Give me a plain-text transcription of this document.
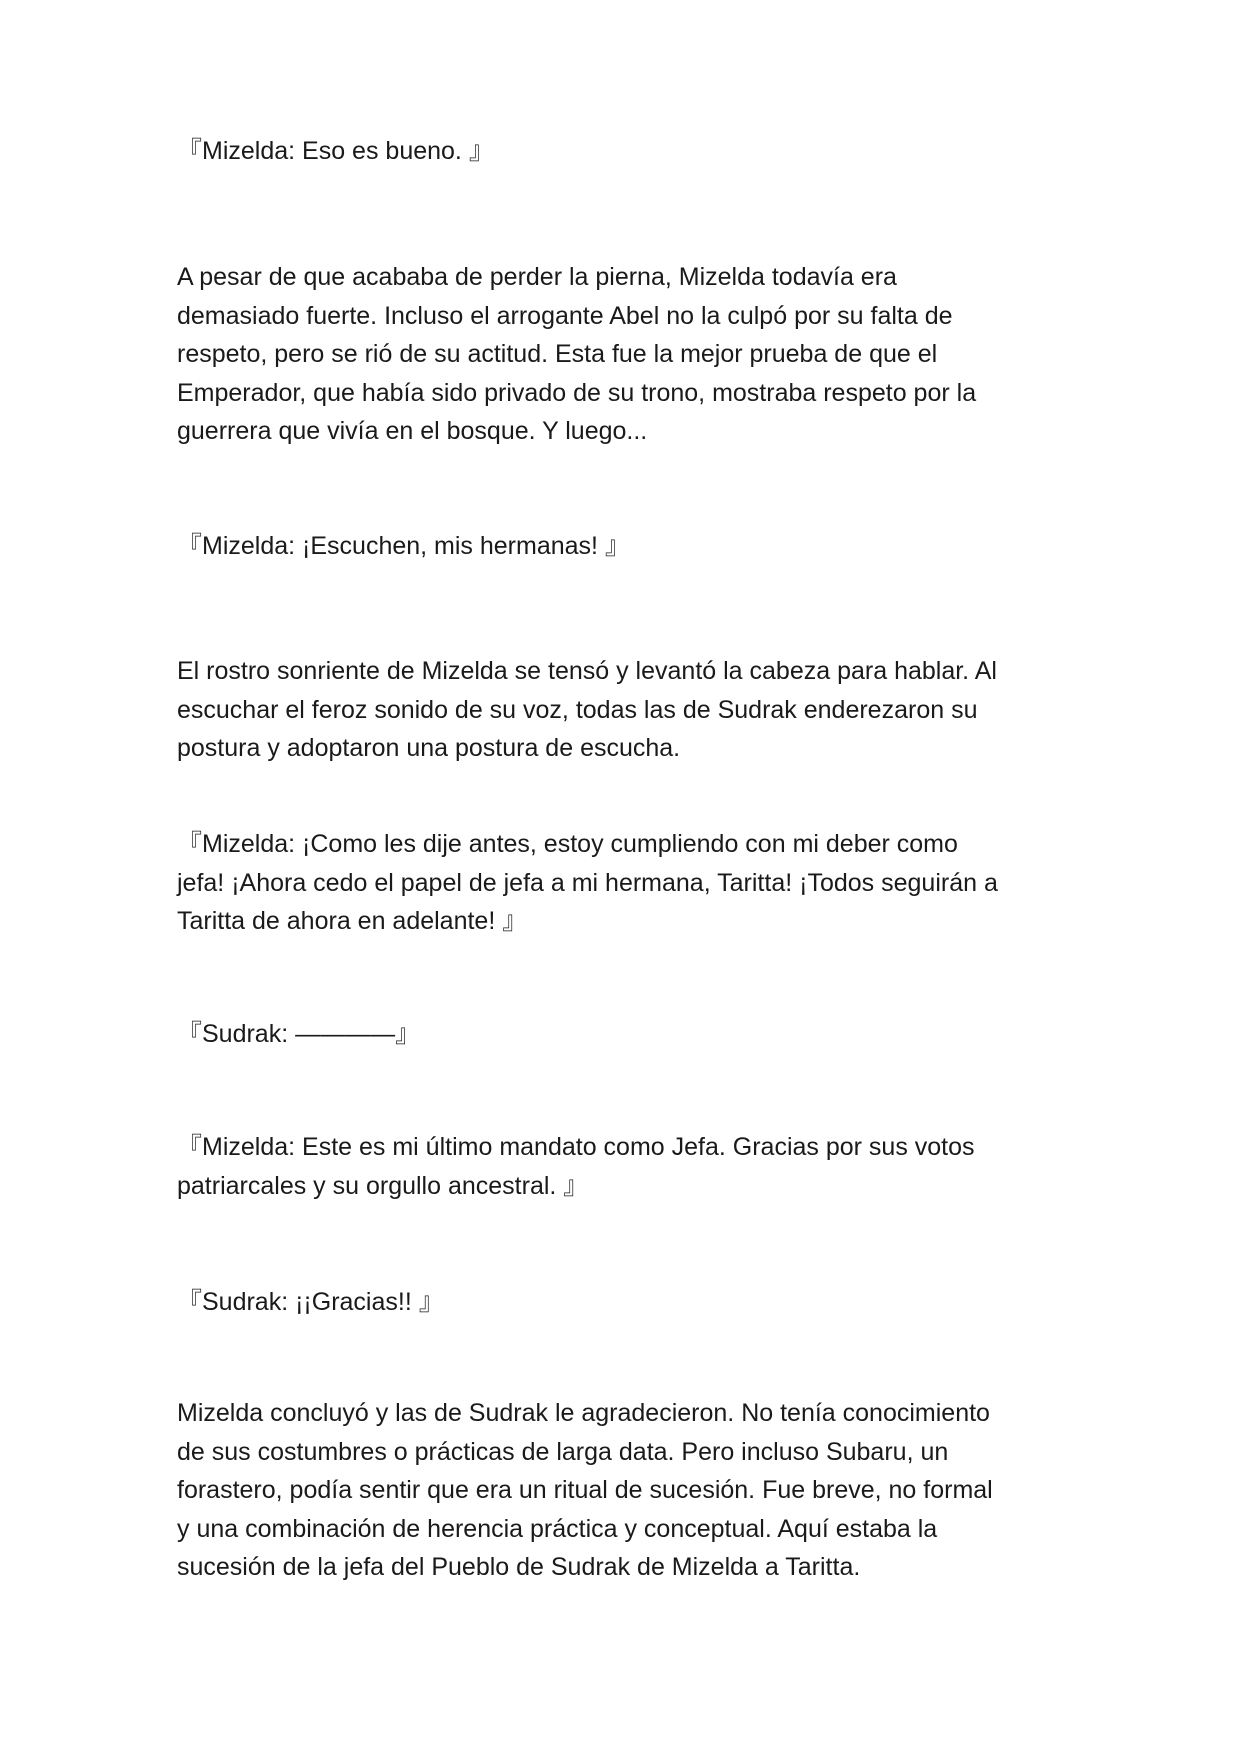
『Mizelda: Eso es bueno. 』

A pesar de que acababa de perder la pierna, Mizelda todavía era
demasiado fuerte. Incluso el arrogante Abel no la culpó por su falta de
respeto, pero se rió de su actitud. Esta fue la mejor prueba de que el
Emperador, que había sido privado de su trono, mostraba respeto por la
guerrera que vivía en el bosque. Y luego...

『Mizelda: ¡Escuchen, mis hermanas! 』

El rostro sonriente de Mizelda se tensó y levantó la cabeza para hablar. Al
escuchar el feroz sonido de su voz, todas las de Sudrak enderezaron su
postura y adoptaron una postura de escucha.

『Mizelda: ¡Como les dije antes, estoy cumpliendo con mi deber como
jefa! ¡Ahora cedo el papel de jefa a mi hermana, Taritta! ¡Todos seguirán a
Taritta de ahora en adelante! 』

『Sudrak: ————』

『Mizelda: Este es mi último mandato como Jefa. Gracias por sus votos
patriarcales y su orgullo ancestral. 』

『Sudrak: ¡¡Gracias!! 』

Mizelda concluyó y las de Sudrak le agradecieron. No tenía conocimiento
de sus costumbres o prácticas de larga data. Pero incluso Subaru, un
forastero, podía sentir que era un ritual de sucesión. Fue breve, no formal
y una combinación de herencia práctica y conceptual. Aquí estaba la
sucesión de la jefa del Pueblo de Sudrak de Mizelda a Taritta.
